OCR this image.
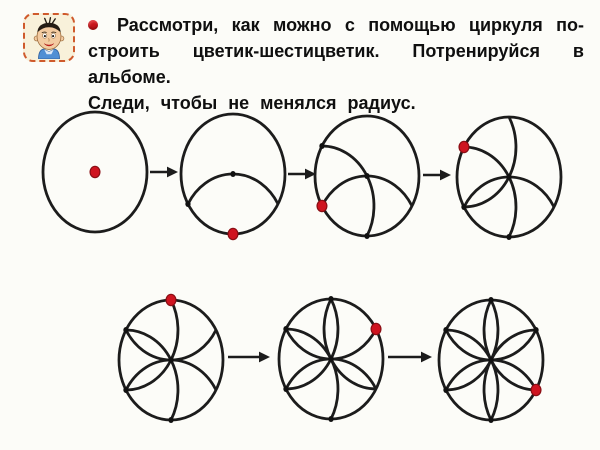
Рассмотри, как можно с помощью циркуля по-
строить цветик-шестицветик. Потренируйся в альбоме.
Следи, чтобы не менялся радиус.
